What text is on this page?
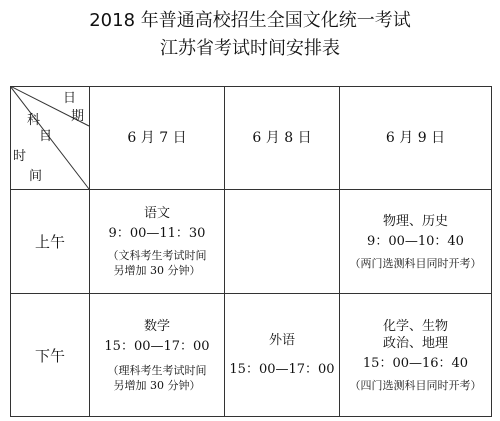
2018 年普通高校招生全国文化统一考试
江苏省考试时间安排表
日
期
科
目
时
间
6 月 7 日	6 月 8 日	6 月 9 日
上午
下午
语文
9：00—11：30
（文科考生考试时间
另增加 30 分钟）
物理、历史
9：00—10：40
（两门选测科目同时开考）
数学
15：00—17：00
（理科考生考试时间
另增加 30 分钟）
外语
15：00—17：00
化学、生物
政治、地理
15：00—16：40
（四门选测科目同时开考）
